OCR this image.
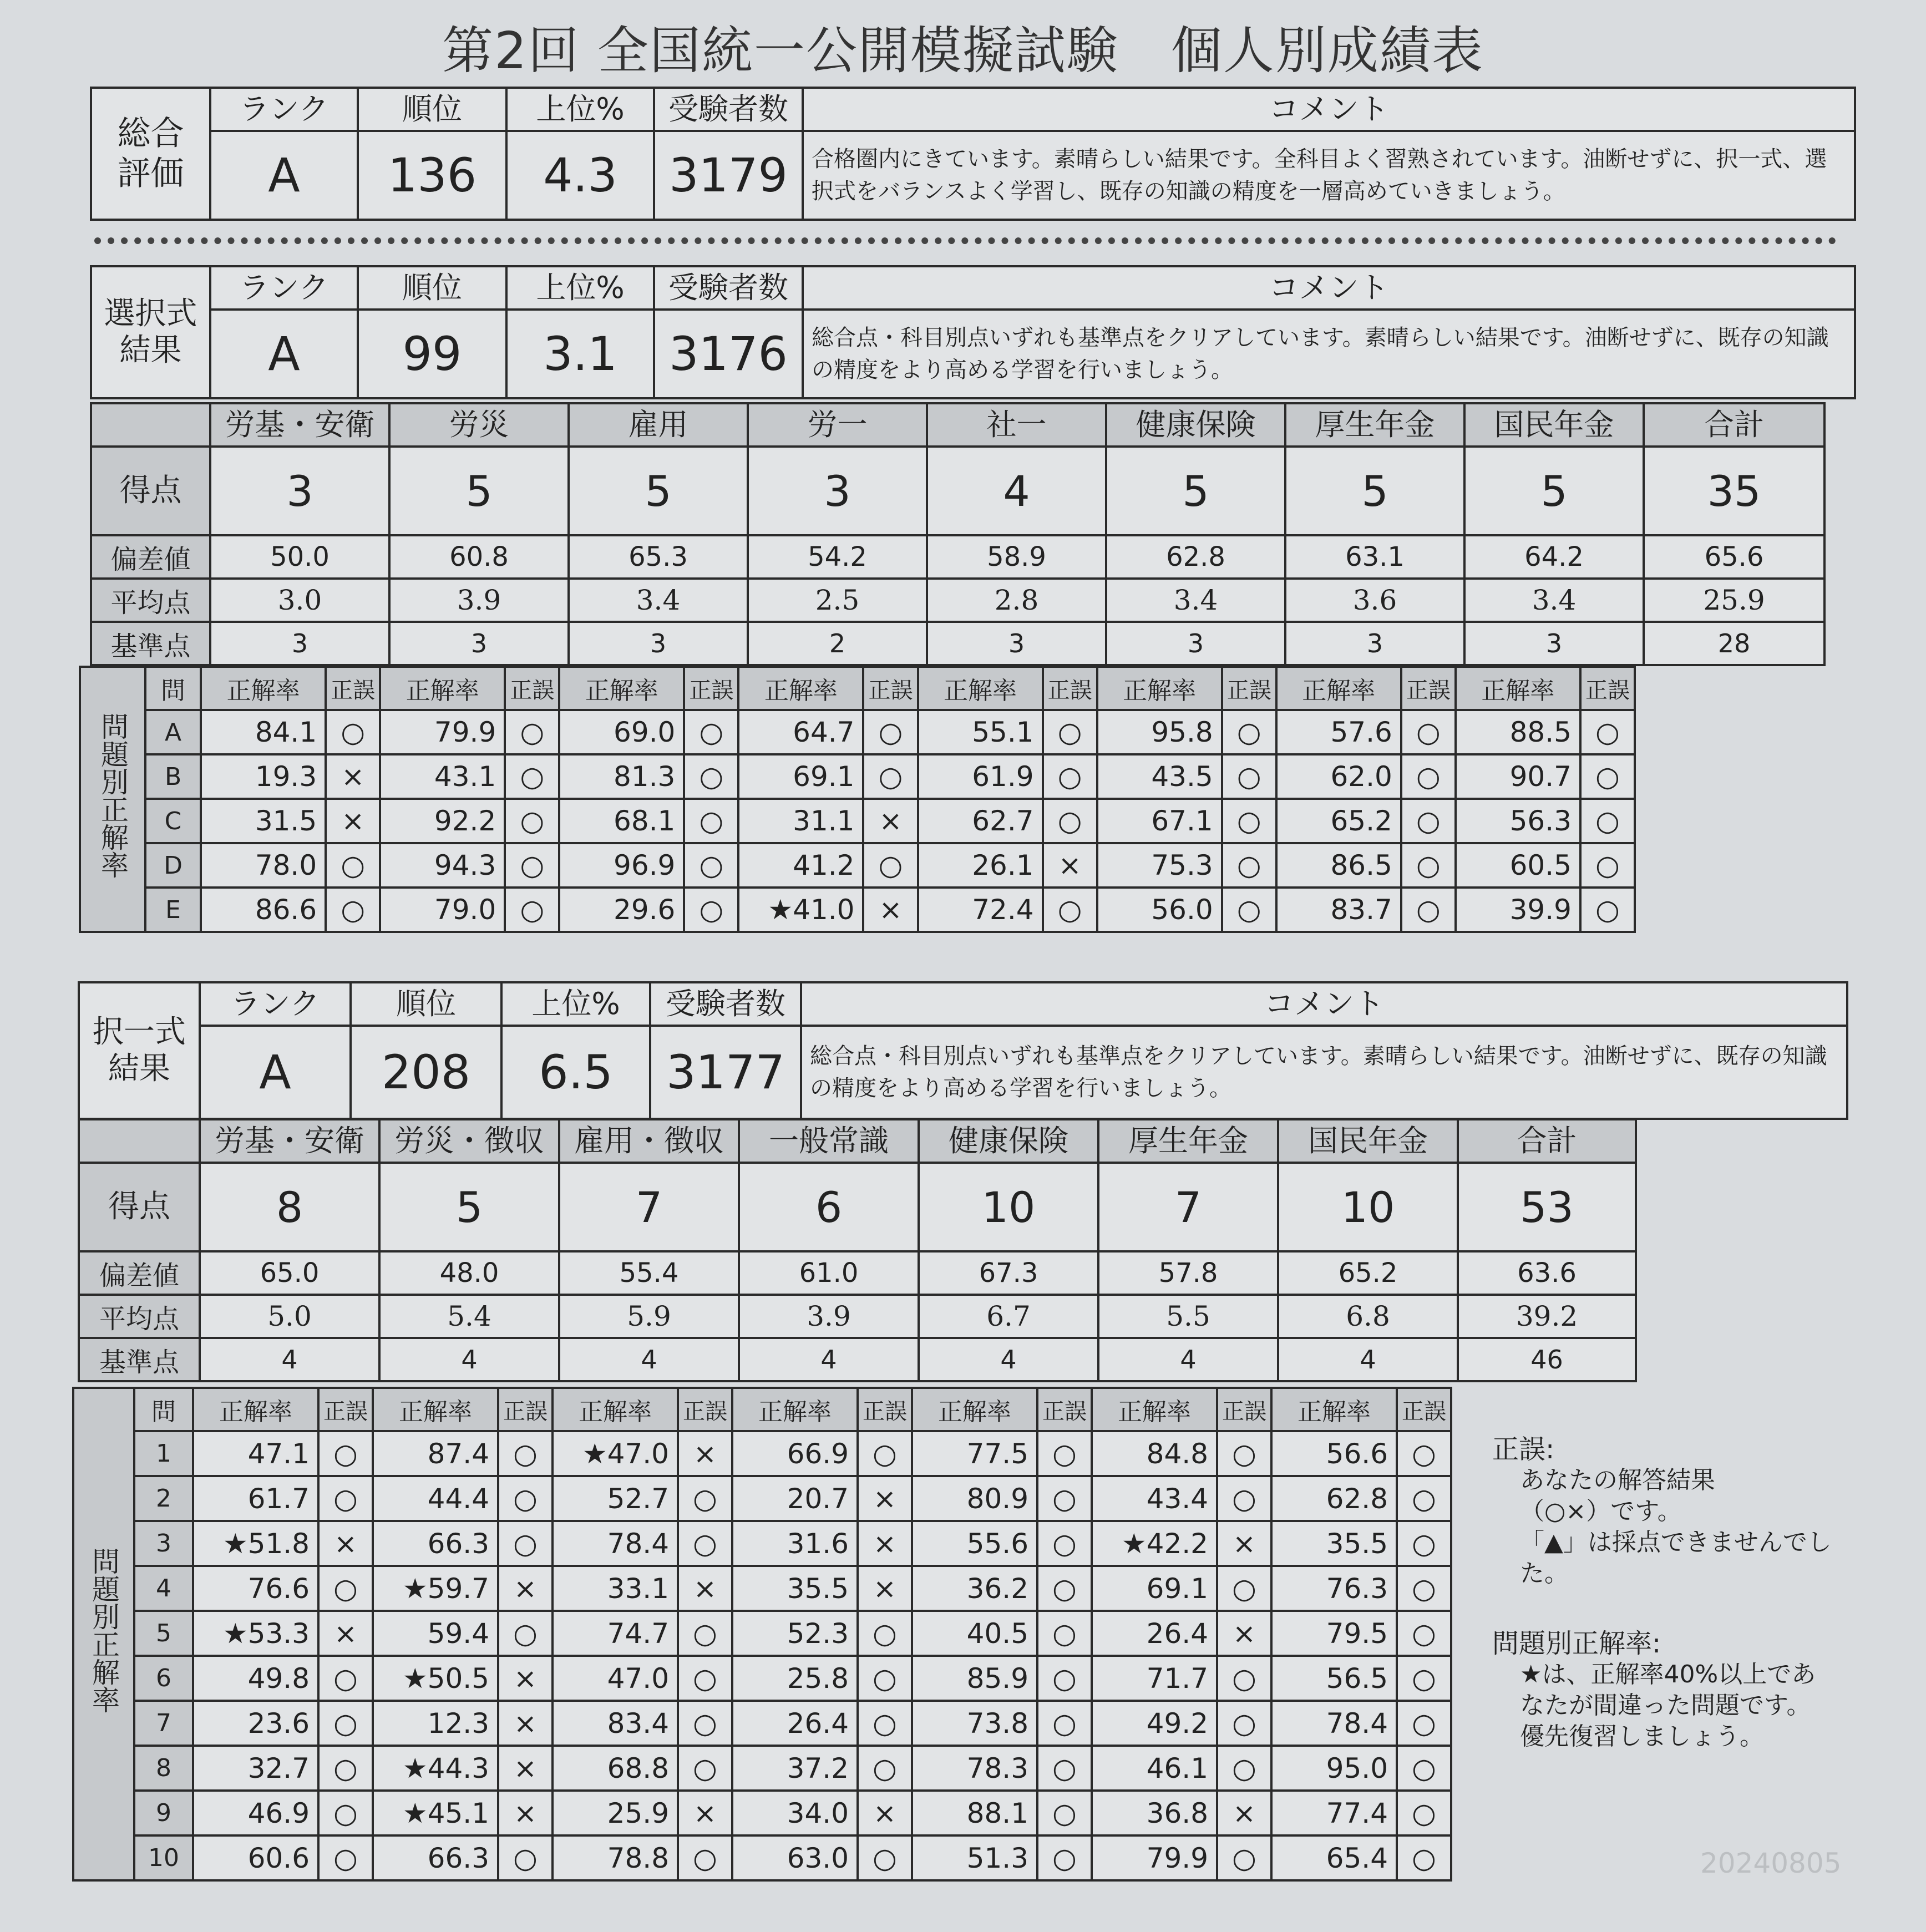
第2回 全国統一公開模擬試験　個人別成績表
総合評価	ランク	順位	上位%	受験者数	コメント
	A	136	4.3	3179	合格圏内にきています。素晴らしい結果です。全科目よく習熟されています。油断せずに、択一式、選択式をバランスよく学習し、既存の知識の精度を一層高めていきましょう。
選択式結果	ランク	順位	上位%	受験者数	コメント
	A	99	3.1	3176	総合点・科目別点いずれも基準点をクリアしています。素晴らしい結果です。油断せずに、既存の知識の精度をより高める学習を行いましょう。
	労基・安衛	労災	雇用	労一	社一	健康保険	厚生年金	国民年金	合計
得点	3	5	5	3	4	5	5	5	35
偏差値	50.0	60.8	65.3	54.2	58.9	62.8	63.1	64.2	65.6
平均点	3.0	3.9	3.4	2.5	2.8	3.4	3.6	3.4	25.9
基準点	3	3	3	2	3	3	3	3	28
問題別正解率	問	正解率	正誤	正解率	正誤	正解率	正誤	正解率	正誤	正解率	正誤	正解率	正誤	正解率	正誤	正解率	正誤
	A	84.1	○	79.9	○	69.0	○	64.7	○	55.1	○	95.8	○	57.6	○	88.5	○
	B	19.3	×	43.1	○	81.3	○	69.1	○	61.9	○	43.5	○	62.0	○	90.7	○
	C	31.5	×	92.2	○	68.1	○	31.1	×	62.7	○	67.1	○	65.2	○	56.3	○
	D	78.0	○	94.3	○	96.9	○	41.2	○	26.1	×	75.3	○	86.5	○	60.5	○
	E	86.6	○	79.0	○	29.6	○	★41.0	×	72.4	○	56.0	○	83.7	○	39.9	○
択一式結果	ランク	順位	上位%	受験者数	コメント
	A	208	6.5	3177	総合点・科目別点いずれも基準点をクリアしています。素晴らしい結果です。油断せずに、既存の知識の精度をより高める学習を行いましょう。
	労基・安衛	労災・徴収	雇用・徴収	一般常識	健康保険	厚生年金	国民年金	合計
得点	8	5	7	6	10	7	10	53
偏差値	65.0	48.0	55.4	61.0	67.3	57.8	65.2	63.6
平均点	5.0	5.4	5.9	3.9	6.7	5.5	6.8	39.2
基準点	4	4	4	4	4	4	4	46
問題別正解率	問	正解率	正誤	正解率	正誤	正解率	正誤	正解率	正誤	正解率	正誤	正解率	正誤	正解率	正誤
	1	47.1	○	87.4	○	★47.0	×	66.9	○	77.5	○	84.8	○	56.6	○
	2	61.7	○	44.4	○	52.7	○	20.7	×	80.9	○	43.4	○	62.8	○
	3	★51.8	×	66.3	○	78.4	○	31.6	×	55.6	○	★42.2	×	35.5	○
	4	76.6	○	★59.7	×	33.1	×	35.5	×	36.2	○	69.1	○	76.3	○
	5	★53.3	×	59.4	○	74.7	○	52.3	○	40.5	○	26.4	×	79.5	○
	6	49.8	○	★50.5	×	47.0	○	25.8	○	85.9	○	71.7	○	56.5	○
	7	23.6	○	12.3	×	83.4	○	26.4	○	73.8	○	49.2	○	78.4	○
	8	32.7	○	★44.3	×	68.8	○	37.2	○	78.3	○	46.1	○	95.0	○
	9	46.9	○	★45.1	×	25.9	×	34.0	×	88.1	○	36.8	×	77.4	○
	10	60.6	○	66.3	○	78.8	○	63.0	○	51.3	○	79.9	○	65.4	○
正誤:
あなたの解答結果
（○×）です。
「▲」は採点できませんでし
た。
問題別正解率:
★は、正解率40%以上であ
なたが間違った問題です。
優先復習しましょう。
20240805
